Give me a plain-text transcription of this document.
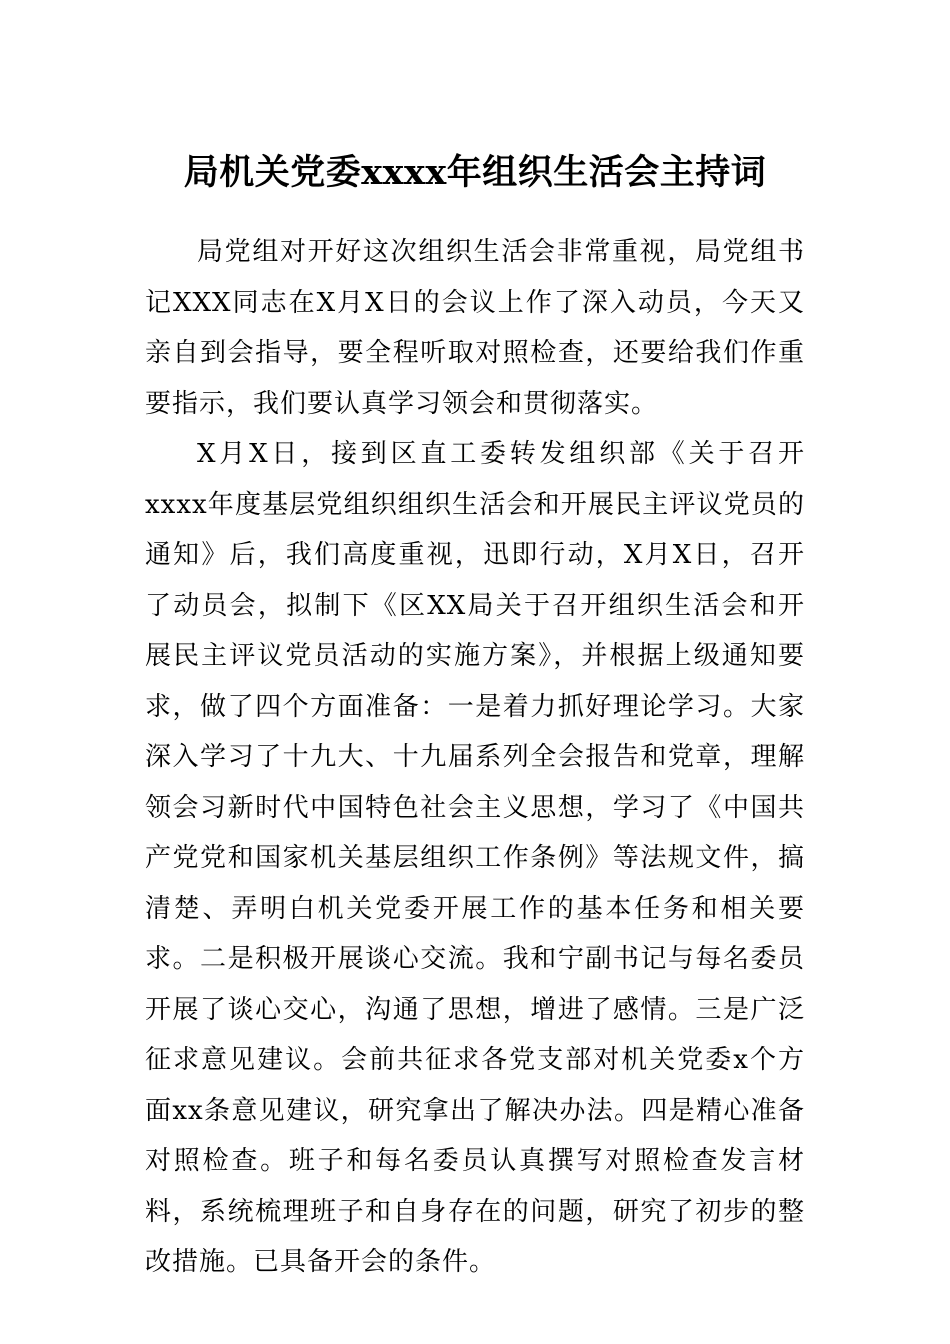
局机关党委xxxx年组织生活会主持词

局党组对开好这次组织生活会非常重视，局党组书记XXX同志在X月X日的会议上作了深入动员，今天又亲自到会指导，要全程听取对照检查，还要给我们作重要指示，我们要认真学习领会和贯彻落实。

X月X日，接到区直工委转发组织部《关于召开xxxx年度基层党组织组织生活会和开展民主评议党员的通知》后，我们高度重视，迅即行动，X月X日，召开了动员会，拟制下《区XX局关于召开组织生活会和开展民主评议党员活动的实施方案》，并根据上级通知要求，做了四个方面准备：一是着力抓好理论学习。大家深入学习了十九大、十九届系列全会报告和党章，理解领会习新时代中国特色社会主义思想，学习了《中国共产党党和国家机关基层组织工作条例》等法规文件，搞清楚、弄明白机关党委开展工作的基本任务和相关要求。二是积极开展谈心交流。我和宁副书记与每名委员开展了谈心交心，沟通了思想，增进了感情。三是广泛征求意见建议。会前共征求各党支部对机关党委x个方面xx条意见建议，研究拿出了解决办法。四是精心准备对照检查。班子和每名委员认真撰写对照检查发言材料，系统梳理班子和自身存在的问题，研究了初步的整改措施。已具备开会的条件。
